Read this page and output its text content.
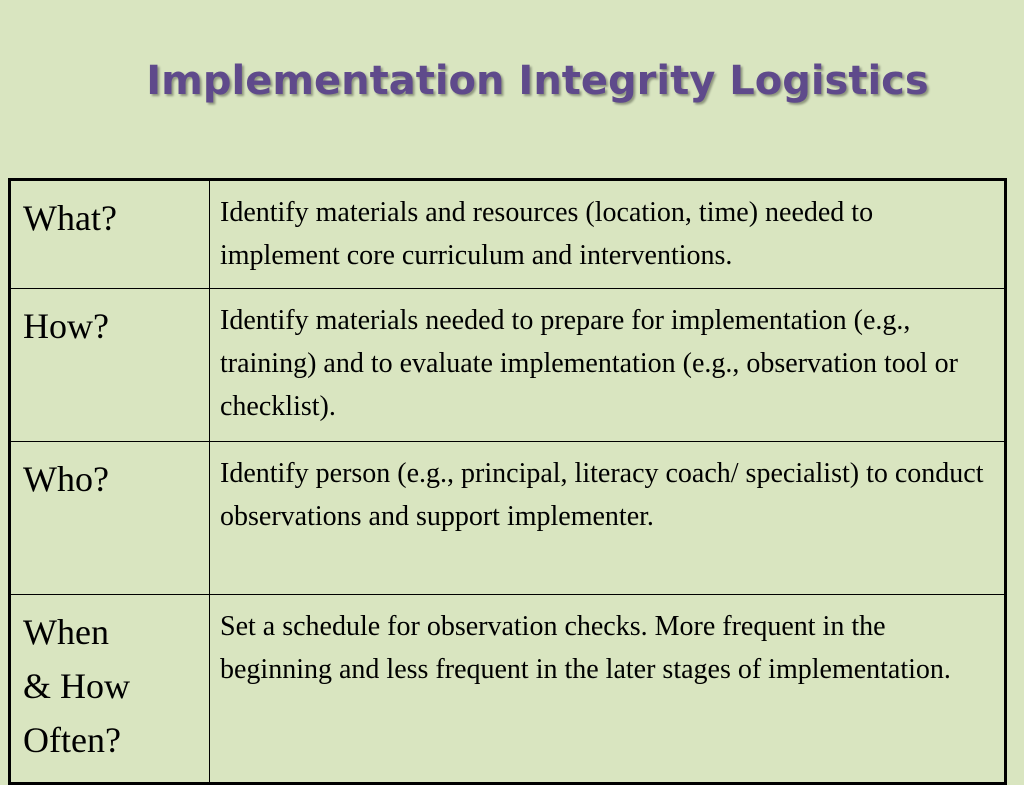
Implementation Integrity Logistics
What?	Identify materials and resources (location, time) needed to implement core curriculum and interventions.

How?	Identify materials needed to prepare for implementation (e.g., training) and to evaluate implementation (e.g., observation tool or checklist).

Who?	Identify person (e.g., principal, literacy coach/ specialist) to conduct observations and support implementer.

When
& How
Often?	Set a schedule for observation checks. More frequent in the beginning and less frequent in the later stages of implementation.
